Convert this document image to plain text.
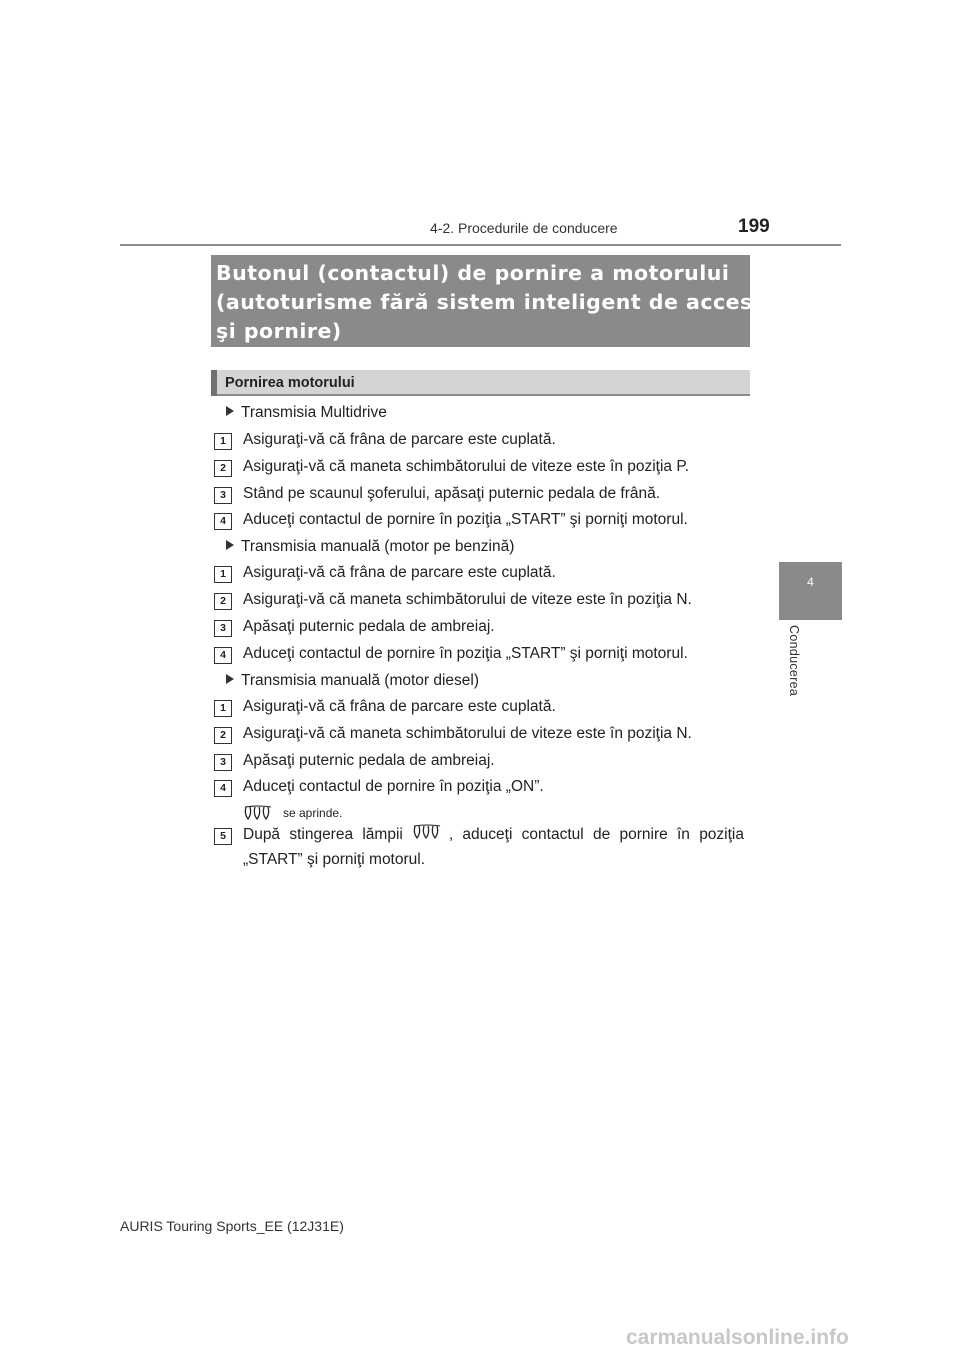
4-2. Procedurile de conducere	199
4
Conducerea
Butonul (contactul) de pornire a motorului
(autoturisme fără sistem inteligent de acces
şi pornire)
Pornirea motorului
Transmisia Multidrive
1	Asiguraţi-vă că frâna de parcare este cuplată.
2	Asiguraţi-vă că maneta schimbătorului de viteze este în poziţia P.
3	Stând pe scaunul şoferului, apăsaţi puternic pedala de frână.
4	Aduceţi contactul de pornire în poziţia „START” şi porniţi motorul.
Transmisia manuală (motor pe benzină)
1	Asiguraţi-vă că frâna de parcare este cuplată.
2	Asiguraţi-vă că maneta schimbătorului de viteze este în poziţia N.
3	Apăsaţi puternic pedala de ambreiaj.
4	Aduceţi contactul de pornire în poziţia „START” şi porniţi motorul.
Transmisia manuală (motor diesel)
1	Asiguraţi-vă că frâna de parcare este cuplată.
2	Asiguraţi-vă că maneta schimbătorului de viteze este în poziţia N.
3	Apăsaţi puternic pedala de ambreiaj.
4	Aduceţi contactul de pornire în poziţia „ON”.
se aprinde.
5	După stingerea lămpii	, aduceţi contactul de pornire în poziţia
„START” şi porniţi motorul.
AURIS Touring Sports_EE (12J31E)
carmanualsonline.info
